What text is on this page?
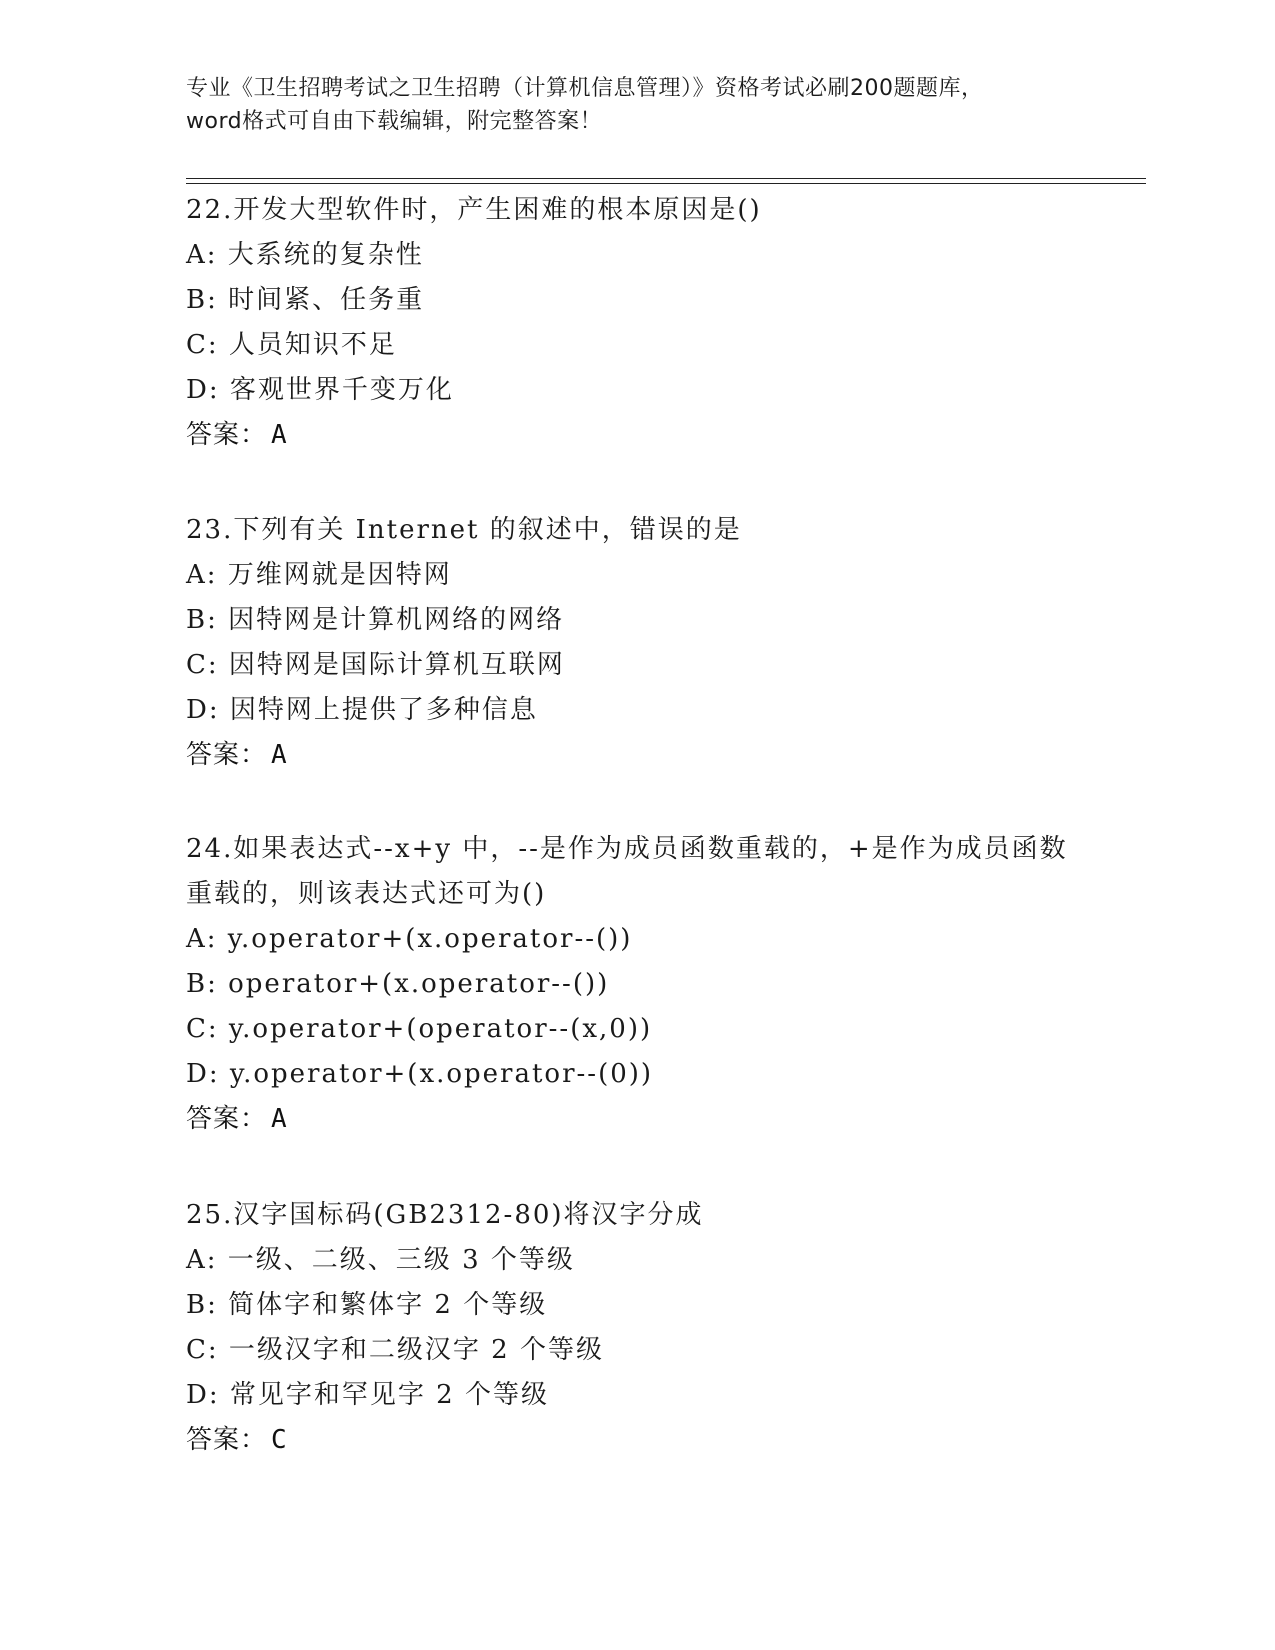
专业《卫生招聘考试之卫生招聘（计算机信息管理）》资格考试必刷200题题库，
word格式可自由下载编辑，附完整答案！
22.开发大型软件时，产生困难的根本原因是()
A: 大系统的复杂性
B: 时间紧、任务重
C: 人员知识不足
D: 客观世界千变万化
答案： A
23.下列有关 Internet 的叙述中，错误的是
A: 万维网就是因特网
B: 因特网是计算机网络的网络
C: 因特网是国际计算机互联网
D: 因特网上提供了多种信息
答案： A
24.如果表达式--x+y 中，--是作为成员函数重载的，+是作为成员函数
重载的，则该表达式还可为()
A: y.operator+(x.operator--())
B: operator+(x.operator--())
C: y.operator+(operator--(x,0))
D: y.operator+(x.operator--(0))
答案： A
25.汉字国标码(GB2312-80)将汉字分成
A: 一级、二级、三级 3 个等级
B: 简体字和繁体字 2 个等级
C: 一级汉字和二级汉字 2 个等级
D: 常见字和罕见字 2 个等级
答案： C
